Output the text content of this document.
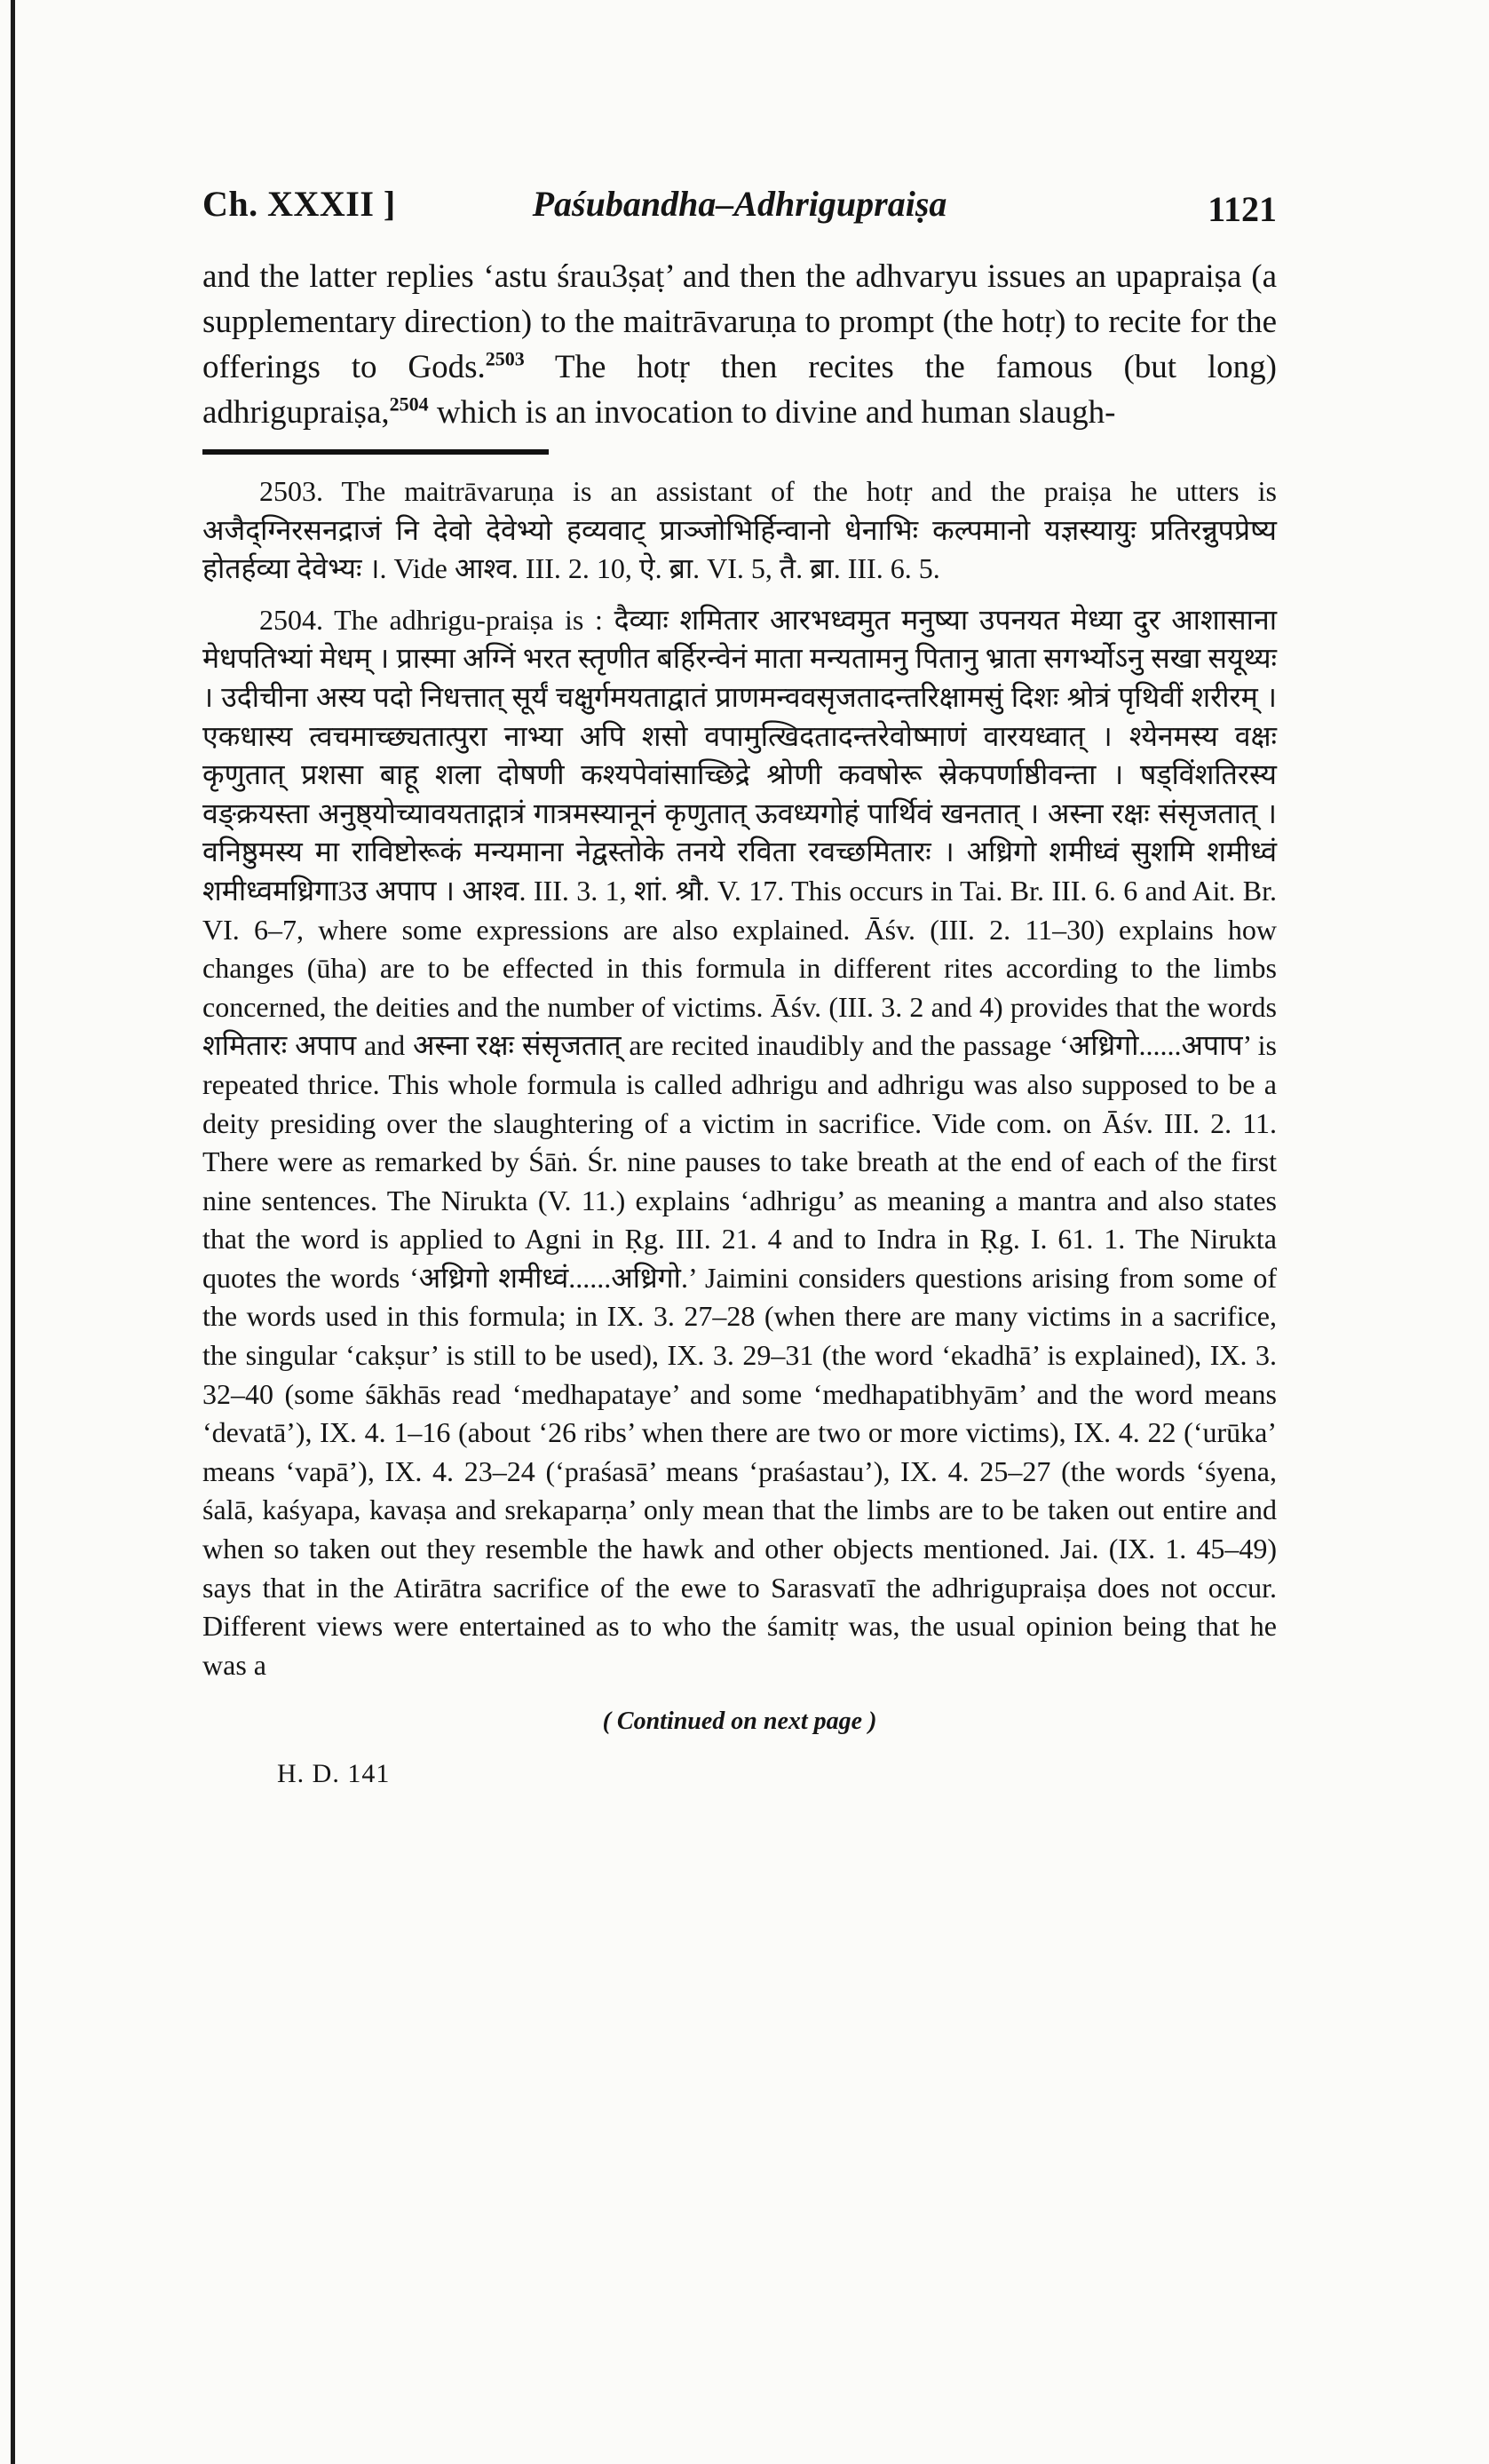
Ch. XXXII ]	Paśubandha–Adhrigupraiṣa	1121
and the latter replies ‘astu śrau3ṣaṭ’ and then the adhvaryu issues an upapraiṣa (a supplementary direction) to the maitrāvaruṇa to prompt (the hotṛ) to recite for the offerings to Gods.$^{2503}$ The hotṛ then recites the famous (but long) adhrigupraiṣa,$^{2504}$ which is an invocation to divine and human slaugh-

2503. The maitrāvaruṇa is an assistant of the hotṛ and the praiṣa he utters is अजैद्ग्निरसनद्राजं नि देवो देवेभ्यो हव्यवाट् प्राञ्जोभिर्हिन्वानो धेनाभिः कल्पमानो यज्ञस्यायुः प्रतिरन्नुपप्रेष्य होतर्हव्या देवेभ्यः ।. Vide आश्व. III. 2. 10, ऐ. ब्रा. VI. 5, तै. ब्रा. III. 6. 5.

2504. The adhrigu-praiṣa is : दैव्याः शमितार आरभध्वमुत मनुष्या उपनयत मेध्या दुर आशासाना मेधपतिभ्यां मेधम् । प्रास्मा अग्निं भरत स्तृणीत बर्हिरन्वेनं माता मन्यतामनु पितानु भ्राता सगर्भ्योऽनु सखा सयूथ्यः । उदीचीना अस्य पदो निधत्तात् सूर्यं चक्षुर्गमयताद्वातं प्राणमन्ववसृजतादन्तरिक्षामसुं दिशः श्रोत्रं पृथिवीं शरीरम् । एकधास्य त्वचमाच्छ्यतात्पुरा नाभ्या अपि शसो वपामुत्खिदतादन्तरेवोष्माणं वारयध्वात् । श्येनमस्य वक्षः कृणुतात् प्रशसा बाहू शला दोषणी कश्यपेवांसाच्छिद्रे श्रोणी कवषोरू स्रेकपर्णाष्ठीवन्ता । षड्विंशतिरस्य वङ्क्रयस्ता अनुष्ठ्योच्यावयताद्गात्रं गात्रमस्यानूनं कृणुतात् ऊवध्यगोहं पार्थिवं खनतात् । अस्ना रक्षः संसृजतात् । वनिष्ठुमस्य मा राविष्टोरूकं मन्यमाना नेद्वस्तोके तनये रविता रवच्छमितारः । अध्रिगो शमीध्वं सुशमि शमीध्वं शमीध्वमध्रिगा3उ अपाप । आश्व. III. 3. 1, शां. श्रौ. V. 17. This occurs in Tai. Br. III. 6. 6 and Ait. Br. VI. 6–7, where some expressions are also explained. Āśv. (III. 2. 11–30) explains how changes (ūha) are to be effected in this formula in different rites according to the limbs concerned, the deities and the number of victims. Āśv. (III. 3. 2 and 4) provides that the words शमितारः अपाप and अस्ना रक्षः संसृजतात् are recited inaudibly and the passage ‘अध्रिगो......अपाप’ is repeated thrice. This whole formula is called adhrigu and adhrigu was also supposed to be a deity presiding over the slaughtering of a victim in sacrifice. Vide com. on Āśv. III. 2. 11. There were as remarked by Śāṅ. Śr. nine pauses to take breath at the end of each of the first nine sentences. The Nirukta (V. 11.) explains ‘adhrigu’ as meaning a mantra and also states that the word is applied to Agni in Ṛg. III. 21. 4 and to Indra in Ṛg. I. 61. 1. The Nirukta quotes the words ‘अध्रिगो शमीध्वं......अध्रिगो.’ Jaimini considers questions arising from some of the words used in this formula; in IX. 3. 27–28 (when there are many victims in a sacrifice, the singular ‘cakṣur’ is still to be used), IX. 3. 29–31 (the word ‘ekadhā’ is explained), IX. 3. 32–40 (some śākhās read ‘medhapataye’ and some ‘medhapatibhyām’ and the word means ‘devatā’), IX. 4. 1–16 (about ‘26 ribs’ when there are two or more victims), IX. 4. 22 (‘urūka’ means ‘vapā’), IX. 4. 23–24 (‘praśasā’ means ‘praśastau’), IX. 4. 25–27 (the words ‘śyena, śalā, kaśyapa, kavaṣa and srekaparṇa’ only mean that the limbs are to be taken out entire and when so taken out they resemble the hawk and other objects mentioned. Jai. (IX. 1. 45–49) says that in the Atirātra sacrifice of the ewe to Sarasvatī the adhrigupraiṣa does not occur. Different views were entertained as to who the śamitṛ was, the usual opinion being that he was a

( Continued on next page )
H. D. 141
